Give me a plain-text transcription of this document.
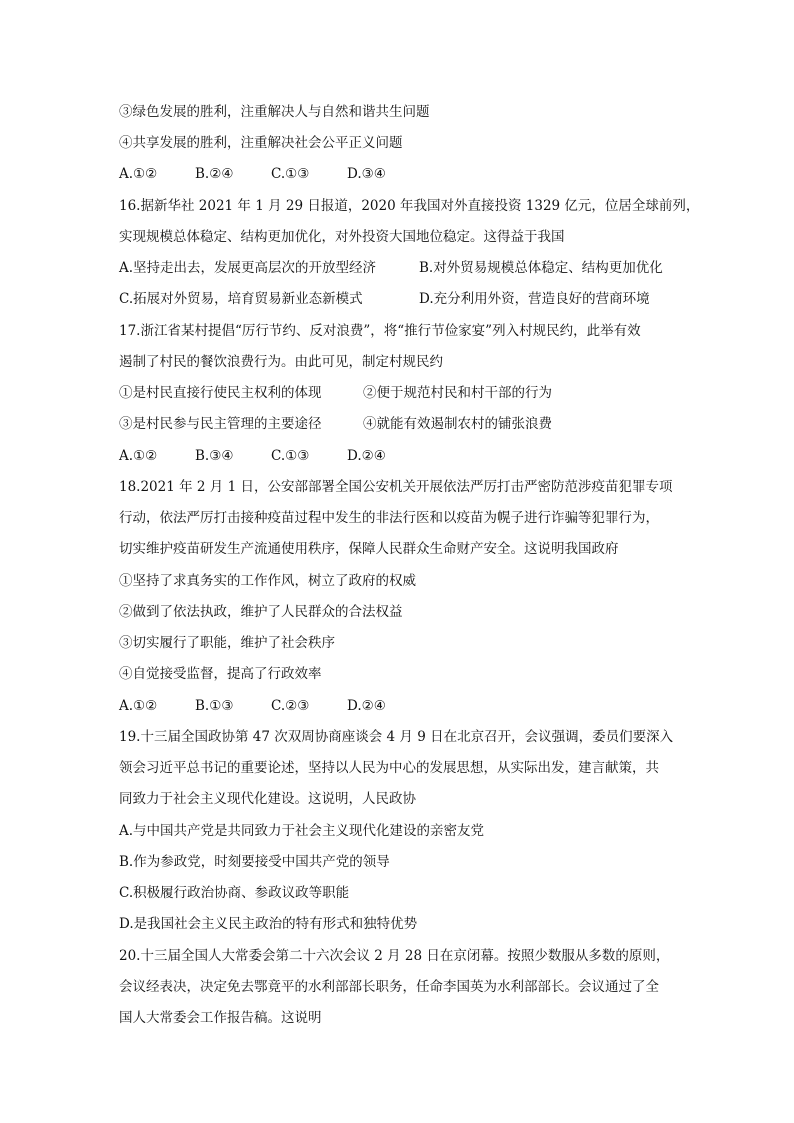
③绿色发展的胜利，注重解决人与自然和谐共生问题
④共享发展的胜利，注重解决社会公平正义问题
A.①②	B.②④	C.①③	D.③④
16.据新华社 2021 年 1 月 29 日报道，2020 年我国对外直接投资 1329 亿元，位居全球前列，
实现规模总体稳定、结构更加优化，对外投资大国地位稳定。这得益于我国
A.坚持走出去，发展更高层次的开放型经济	B.对外贸易规模总体稳定、结构更加优化
C.拓展对外贸易，培育贸易新业态新模式	D.充分利用外资，营造良好的营商环境
17.浙江省某村提倡“厉行节约、反对浪费”，将“推行节俭家宴”列入村规民约，此举有效
遏制了村民的餐饮浪费行为。由此可见，制定村规民约
①是村民直接行使民主权利的体现	②便于规范村民和村干部的行为
③是村民参与民主管理的主要途径	④就能有效遏制农村的铺张浪费
A.①②	B.③④	C.①③	D.②④
18.2021 年 2 月 1 日，公安部部署全国公安机关开展依法严厉打击严密防范涉疫苗犯罪专项
行动，依法严厉打击接种疫苗过程中发生的非法行医和以疫苗为幌子进行诈骗等犯罪行为，
切实维护疫苗研发生产流通使用秩序，保障人民群众生命财产安全。这说明我国政府
①坚持了求真务实的工作作风，树立了政府的权威
②做到了依法执政，维护了人民群众的合法权益
③切实履行了职能，维护了社会秩序
④自觉接受监督，提高了行政效率
A.①②	B.①③	C.②③	D.②④
19.十三届全国政协第 47 次双周协商座谈会 4 月 9 日在北京召开，会议强调，委员们要深入
领会习近平总书记的重要论述，坚持以人民为中心的发展思想，从实际出发，建言献策，共
同致力于社会主义现代化建设。这说明，人民政协
A.与中国共产党是共同致力于社会主义现代化建设的亲密友党
B.作为参政党，时刻要接受中国共产党的领导
C.积极履行政治协商、参政议政等职能
D.是我国社会主义民主政治的特有形式和独特优势
20.十三届全国人大常委会第二十六次会议 2 月 28 日在京闭幕。按照少数服从多数的原则，
会议经表决，决定免去鄂竟平的水利部部长职务，任命李国英为水利部部长。会议通过了全
国人大常委会工作报告稿。这说明
